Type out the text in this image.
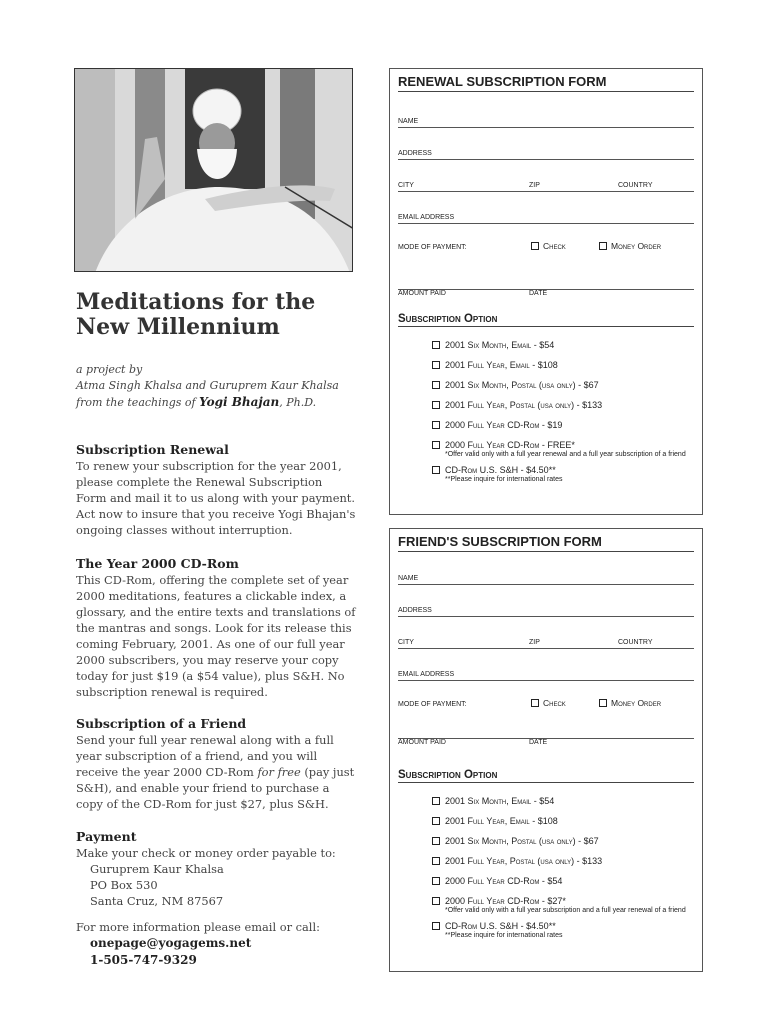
Meditations for the New Millennium
a project by
Atma Singh Khalsa and Guruprem Kaur Khalsa
from the teachings of Yogi Bhajan, Ph.D.
Subscription Renewal

To renew your subscription for the year 2001, please complete the Renewal Subscription Form and mail it to us along with your payment. Act now to insure that you receive Yogi Bhajan's ongoing classes without interruption.

The Year 2000 CD-Rom

This CD-Rom, offering the complete set of year 2000 meditations, features a clickable index, a glossary, and the entire texts and translations of the mantras and songs. Look for its release this coming February, 2001. As one of our full year 2000 subscribers, you may reserve your copy today for just $19 (a $54 value), plus S&H. No subscription renewal is required.

Subscription of a Friend

Send your full year renewal along with a full year subscription of a friend, and you will receive the year 2000 CD-Rom for free (pay just S&H), and enable your friend to purchase a copy of the CD-Rom for just $27, plus S&H.

Payment

Make your check or money order payable to:

Guruprem Kaur Khalsa

PO Box 530

Santa Cruz, NM 87567

For more information please email or call:

onepage@yogagems.net
1-505-747-9329
RENEWAL SUBSCRIPTION FORM
NAME
ADDRESS
CITY	ZIP	COUNTRY
EMAIL ADDRESS
MODE OF PAYMENT:	Check	Money Order
AMOUNT PAID	DATE
Subscription Option
2001 Six Month, Email - $54
2001 Full Year, Email - $108
2001 Six Month, Postal (usa only) - $67
2001 Full Year, Postal (usa only) - $133
2000 Full Year CD-Rom - $19
2000 Full Year CD-Rom - FREE*
*Offer valid only with a full year renewal and a full year subscription of a friend
CD-Rom U.S. S&H - $4.50**
**Please inquire for international rates
FRIEND'S SUBSCRIPTION FORM
NAME
ADDRESS
CITY	ZIP	COUNTRY
EMAIL ADDRESS
MODE OF PAYMENT:	Check	Money Order
AMOUNT PAID	DATE
Subscription Option
2001 Six Month, Email - $54
2001 Full Year, Email - $108
2001 Six Month, Postal (usa only) - $67
2001 Full Year, Postal (usa only) - $133
2000 Full Year CD-Rom - $54
2000 Full Year CD-Rom - $27*
*Offer valid only with a full year subscription and a full year renewal of a friend
CD-Rom U.S. S&H - $4.50**
**Please inquire for international rates
